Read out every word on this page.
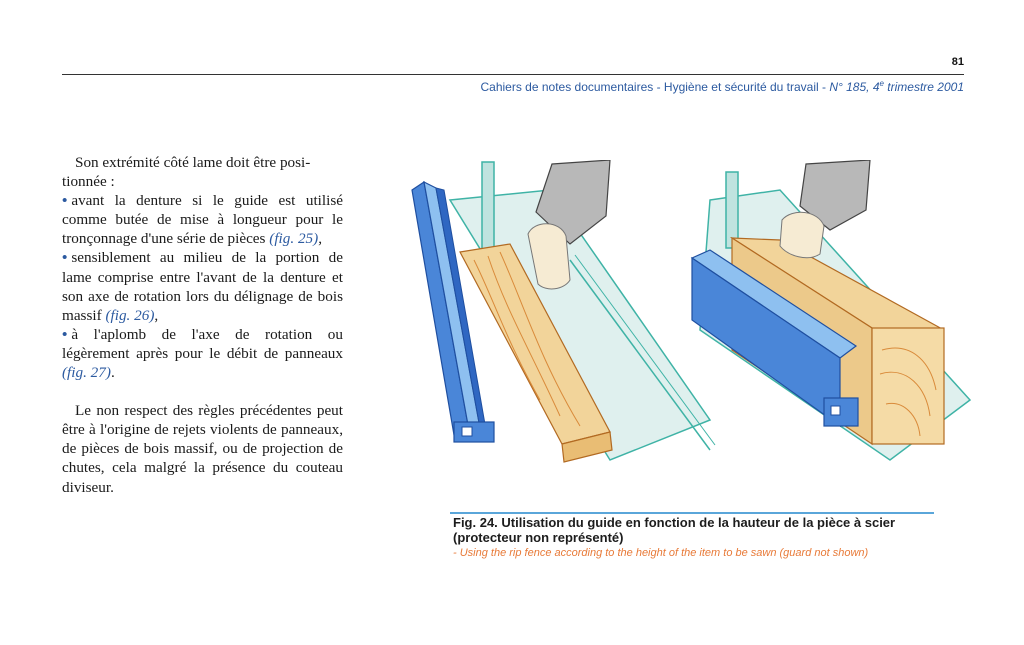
81
Cahiers de notes documentaires - Hygiène et sécurité du travail - N° 185, 4e trimestre 2001

Son extrémité côté lame doit être posi-
tionnée :

• avant la denture si le guide est utilisé comme butée de mise à longueur pour le tronçonnage d'une série de pièces (fig. 25),

• sensiblement au milieu de la portion de lame comprise entre l'avant de la denture et son axe de rotation lors du délignage de bois massif (fig. 26),

• à l'aplomb de l'axe de rotation ou légèrement après pour le débit de panneaux (fig. 27).

Le non respect des règles précédentes peut être à l'origine de rejets violents de panneaux, de pièces de bois massif, ou de projection de chutes, cela malgré la présence du couteau diviseur.

Fig. 24. Utilisation du guide en fonction de la hauteur de la pièce à scier (protecteur non représenté)
- Using the rip fence according to the height of the item to be sawn (guard not shown)
